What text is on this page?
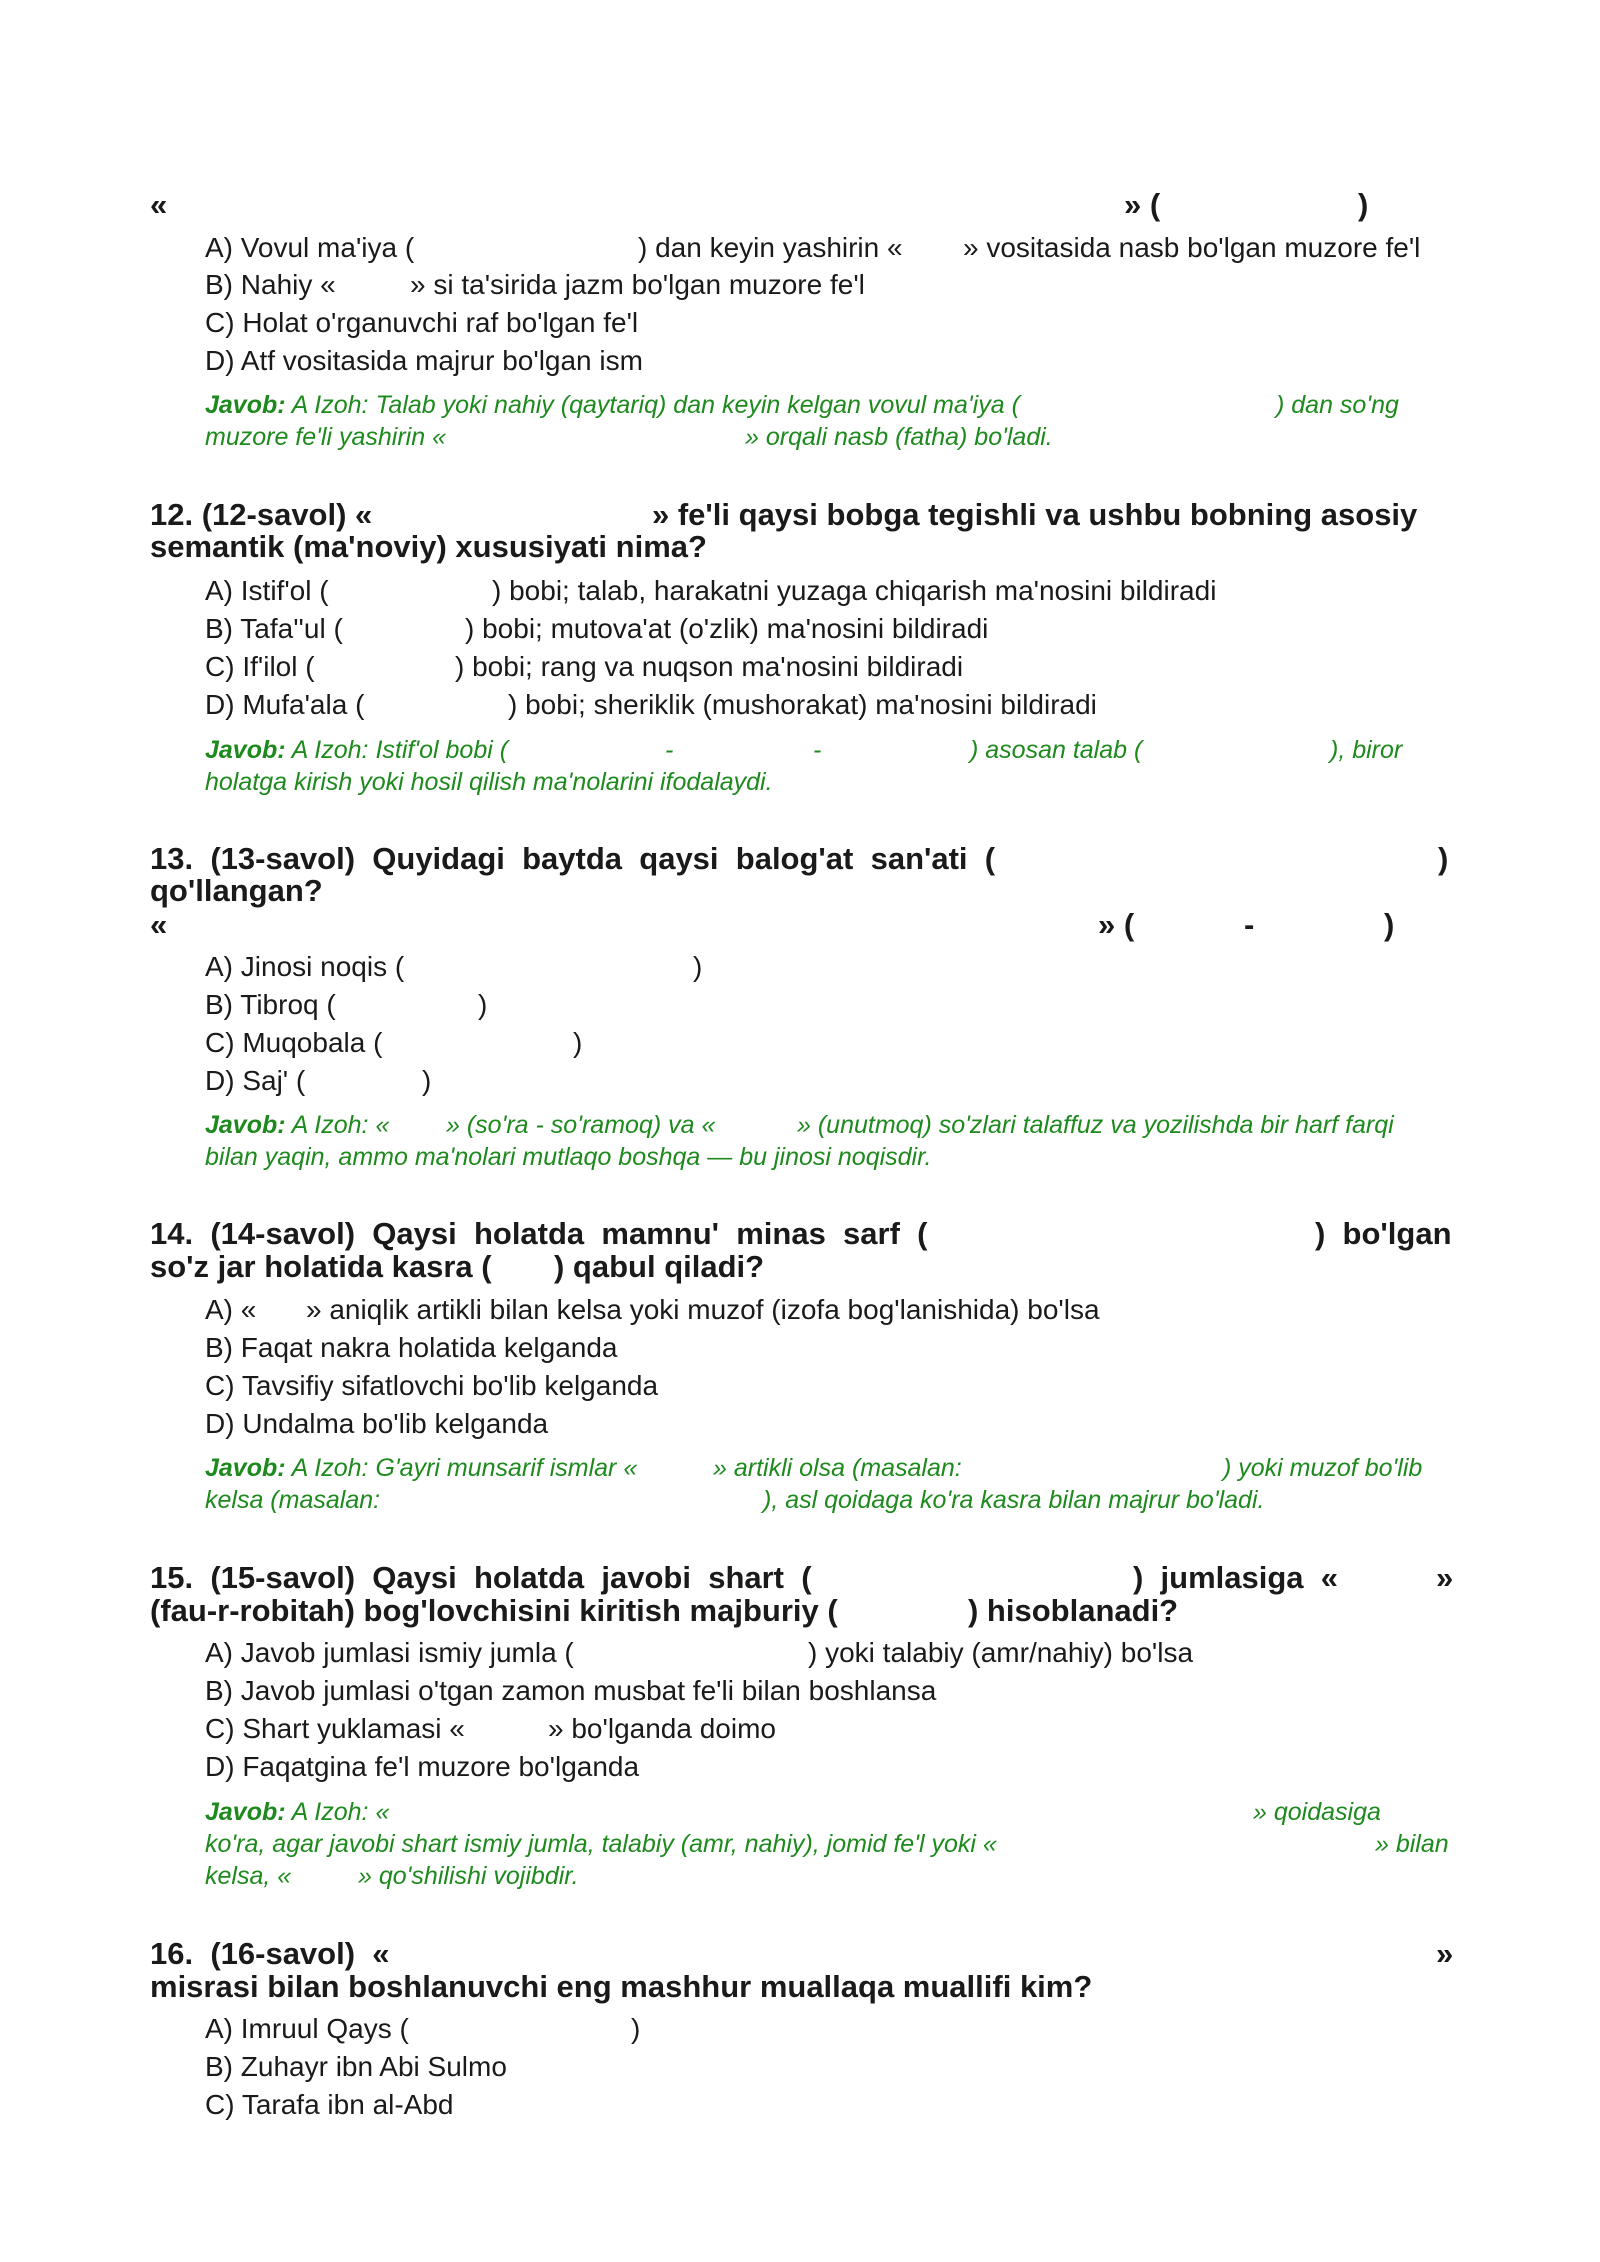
«	» (	)
A) Vovul ma'iya (	) dan keyin yashirin « » vositasida nasb bo'lgan muzore fe'l
B) Nahiy «	» si ta'sirida jazm bo'lgan muzore fe'l
C) Holat o'rganuvchi raf bo'lgan fe'l
D) Atf vositasida majrur bo'lgan ism
Javob: A Izoh: Talab yoki nahiy (qaytariq) dan keyin kelgan vovul ma'iya (	) dan so'ng
muzore fe'li yashirin «	» orqali nasb (fatha) bo'ladi.
12. (12-savol) «	» fe'li qaysi bobga tegishli va ushbu bobning asosiy
semantik (ma'noviy) xususiyati nima?
A) Istif'ol (	) bobi; talab, harakatni yuzaga chiqarish ma'nosini bildiradi
B) Tafa''ul (	) bobi; mutova'at (o'zlik) ma'nosini bildiradi
C) If'ilol (	) bobi; rang va nuqson ma'nosini bildiradi
D) Mufa'ala (	) bobi; sheriklik (mushorakat) ma'nosini bildiradi
Javob: A Izoh: Istif'ol bobi (	-	-	) asosan talab (	), biror
holatga kirish yoki hosil qilish ma'nolarini ifodalaydi.
13.  (13-savol)  Quyidagi  baytda  qaysi  balog'at  san'ati  (	)
qo'llangan?
«	» (	-	)
A) Jinosi noqis (	)
B) Tibroq (	)
C) Muqobala (	)
D) Saj' (	)
Javob: A Izoh: « » (so'ra - so'ramoq) va «	» (unutmoq) so'zlari talaffuz va yozilishda bir harf farqi
bilan yaqin, ammo ma'nolari mutlaqo boshqa — bu jinosi noqisdir.
14.  (14-savol)  Qaysi  holatda  mamnu'  minas  sarf  (	)  bo'lgan
so'z jar holatida kasra ( ) qabul qiladi?
A) « » aniqlik artikli bilan kelsa yoki muzof (izofa bog'lanishida) bo'lsa
B) Faqat nakra holatida kelganda
C) Tavsifiy sifatlovchi bo'lib kelganda
D) Undalma bo'lib kelganda
Javob: A Izoh: G'ayri munsarif ismlar «	» artikli olsa (masalan:	) yoki muzof bo'lib
kelsa (masalan:	), asl qoidaga ko'ra kasra bilan majrur bo'ladi.
15.  (15-savol)  Qaysi  holatda  javobi  shart  (	)  jumlasiga  «	»
(fau-r-robitah) bog'lovchisini kiritish majburiy (	) hisoblanadi?
A) Javob jumlasi ismiy jumla (	) yoki talabiy (amr/nahiy) bo'lsa
B) Javob jumlasi o'tgan zamon musbat fe'li bilan boshlansa
C) Shart yuklamasi «	» bo'lganda doimo
D) Faqatgina fe'l muzore bo'lganda
Javob: A Izoh: «	» qoidasiga
ko'ra, agar javobi shart ismiy jumla, talabiy (amr, nahiy), jomid fe'l yoki «	» bilan
kelsa, «	» qo'shilishi vojibdir.
16.  (16-savol)  «	»
misrasi bilan boshlanuvchi eng mashhur muallaqa muallifi kim?
A) Imruul Qays (	)
B) Zuhayr ibn Abi Sulmo
C) Tarafa ibn al-Abd
